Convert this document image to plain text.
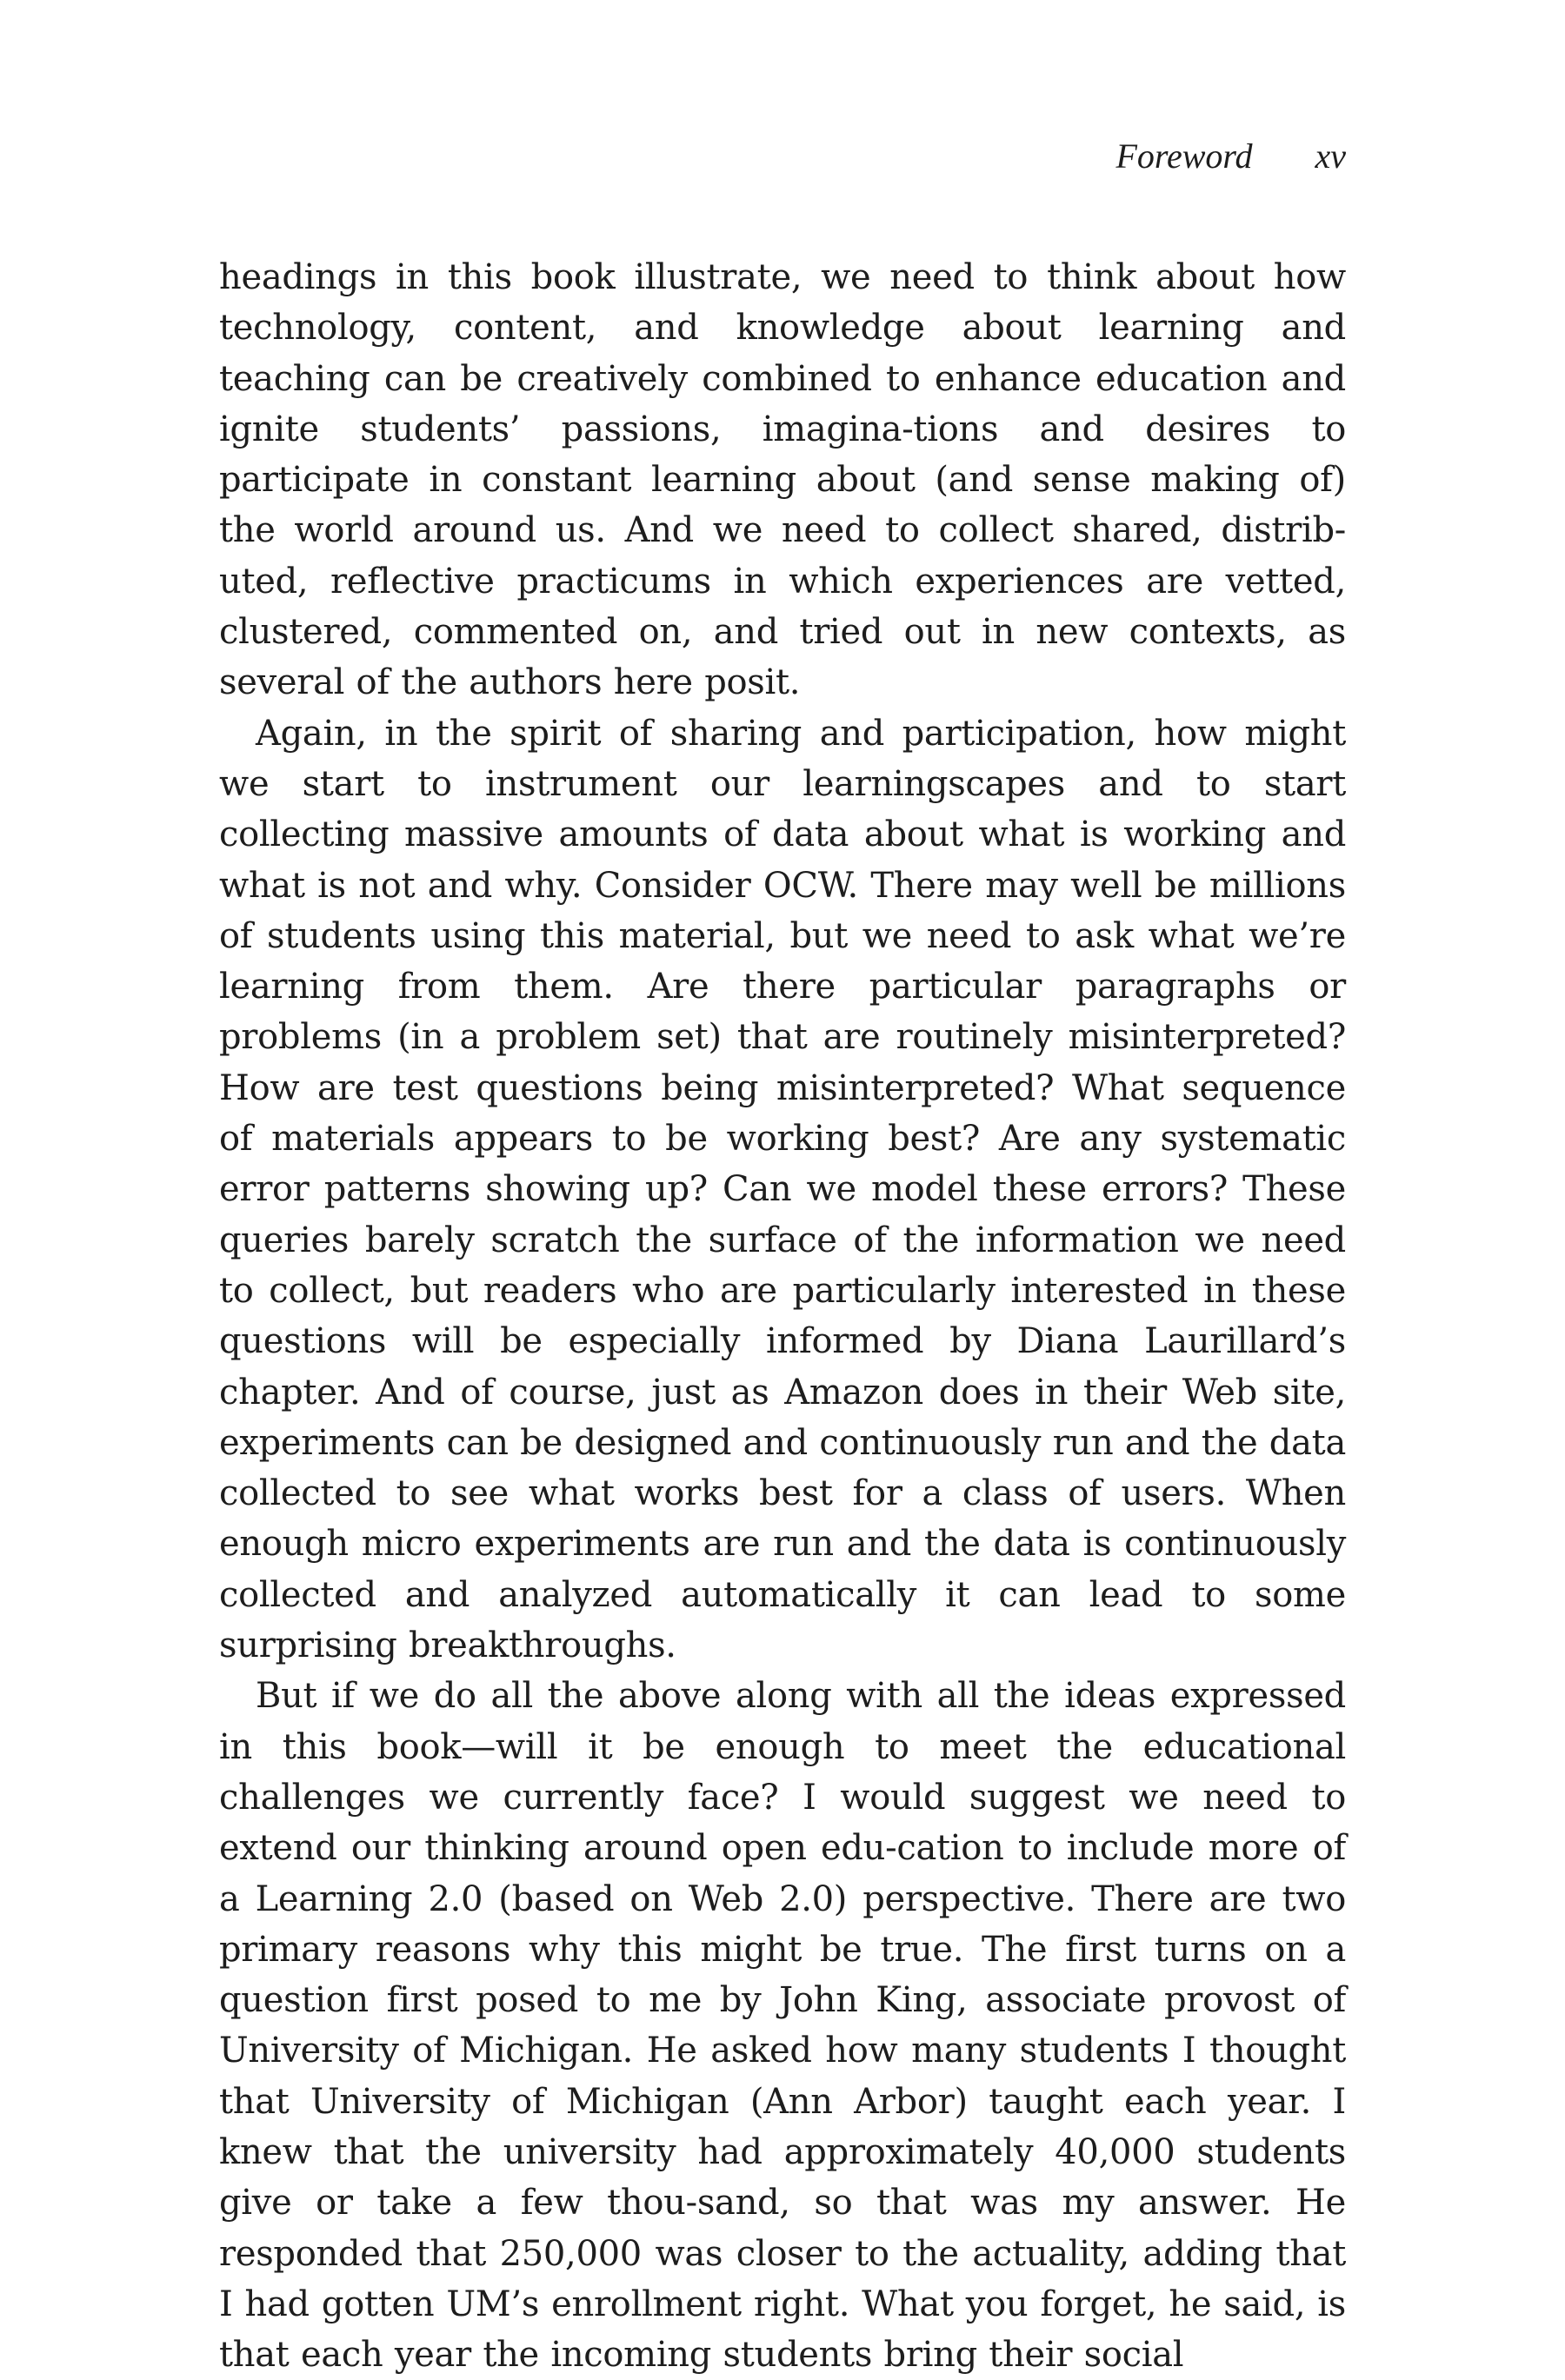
Foreword xv

headings in this book illustrate, we need to think about how technology, content, and knowledge about learning and teaching can be creatively combined to enhance education and ignite students’ passions, imagina-tions and desires to participate in constant learning about (and sense making of) the world around us. And we need to collect shared, distrib-uted, reflective practicums in which experiences are vetted, clustered, commented on, and tried out in new contexts, as several of the authors here posit.

Again, in the spirit of sharing and participation, how might we start to instrument our learningscapes and to start collecting massive amounts of data about what is working and what is not and why. Consider OCW. There may well be millions of students using this material, but we need to ask what we’re learning from them. Are there particular paragraphs or problems (in a problem set) that are routinely misinterpreted? How are test questions being misinterpreted? What sequence of materials appears to be working best? Are any systematic error patterns showing up? Can we model these errors? These queries barely scratch the surface of the information we need to collect, but readers who are particularly interested in these questions will be especially informed by Diana Laurillard’s chapter. And of course, just as Amazon does in their Web site, experiments can be designed and continuously run and the data collected to see what works best for a class of users. When enough micro experiments are run and the data is continuously collected and analyzed automatically it can lead to some surprising breakthroughs.

But if we do all the above along with all the ideas expressed in this book—will it be enough to meet the educational challenges we currently face? I would suggest we need to extend our thinking around open edu-cation to include more of a Learning 2.0 (based on Web 2.0) perspective. There are two primary reasons why this might be true. The first turns on a question first posed to me by John King, associate provost of University of Michigan. He asked how many students I thought that University of Michigan (Ann Arbor) taught each year. I knew that the university had approximately 40,000 students give or take a few thou-sand, so that was my answer. He responded that 250,000 was closer to the actuality, adding that I had gotten UM’s enrollment right. What you forget, he said, is that each year the incoming students bring their social
